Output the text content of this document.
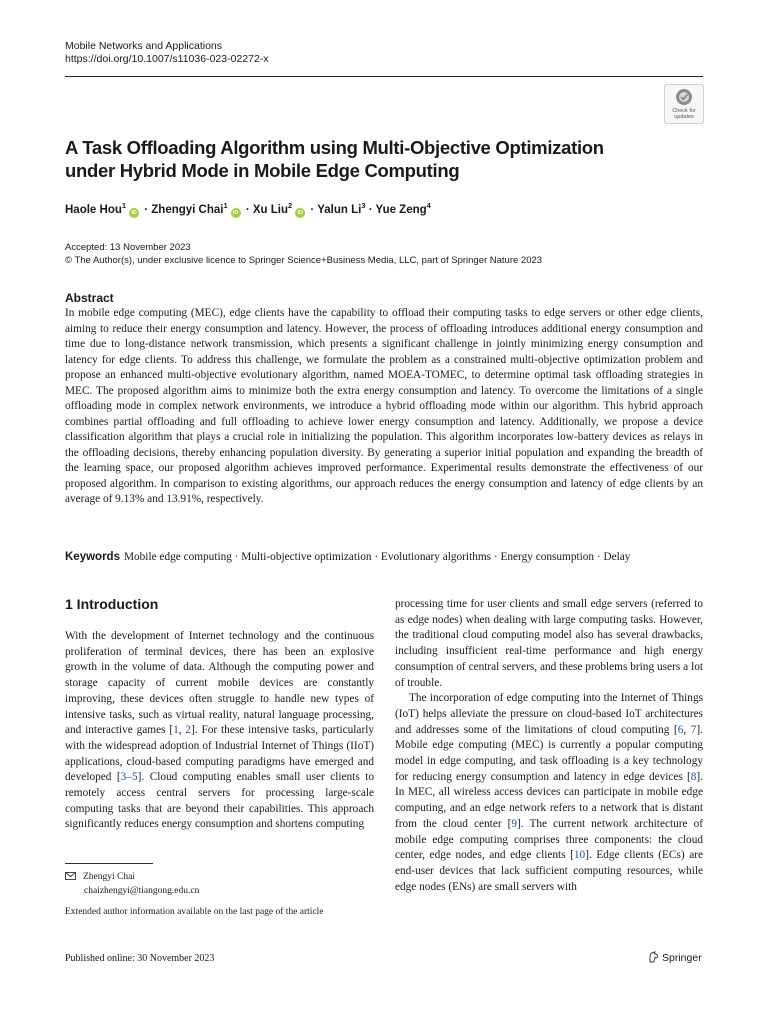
Mobile Networks and Applications
https://doi.org/10.1007/s11036-023-02272-x
Check for updates
A Task Offloading Algorithm using Multi-Objective Optimization under Hybrid Mode in Mobile Edge Computing
Haole Hou$^1$iD · Zhengyi Chai$^1$iD · Xu Liu$^2$iD · Yalun $Li^3$ · Yue Zeng$^4$
Accepted: 13 November 2023
© The Author(s), under exclusive licence to Springer Science+Business Media, LLC, part of Springer Nature 2023
Abstract
In mobile edge computing (MEC), edge clients have the capability to offload their computing tasks to edge servers or other edge clients, aiming to reduce their energy consumption and latency. However, the process of offloading introduces additional energy consumption and time due to long-distance network transmission, which presents a significant challenge in jointly minimizing energy consumption and latency for edge clients. To address this challenge, we formulate the problem as a constrained multi-objective optimization problem and propose an enhanced multi-objective evolutionary algorithm, named MOEA-TOMEC, to determine optimal task offloading strategies in MEC. The proposed algorithm aims to minimize both the extra energy consumption and latency. To overcome the limitations of a single offloading mode in complex network environments, we introduce a hybrid offloading mode within our algorithm. This hybrid approach combines partial offloading and full offloading to achieve lower energy consumption and latency. Additionally, we propose a device classification algorithm that plays a crucial role in initializing the population. This algorithm incorporates low-battery devices as relays in the offloading decisions, thereby enhancing population diversity. By generating a superior initial population and expanding the breadth of the learning space, our proposed algorithm achieves improved performance. Experimental results demonstrate the effectiveness of our proposed algorithm. In comparison to existing algorithms, our approach reduces the energy consumption and latency of edge clients by an average of 9.13% and 13.91%, respectively.
Keywords Mobile edge computing · Multi-objective optimization · Evolutionary algorithms · Energy consumption · Delay
1 Introduction

With the development of Internet technology and the continuous proliferation of terminal devices, there has been an explosive growth in the volume of data. Although the computing power and storage capacity of current mobile devices are constantly improving, these devices often struggle to handle new types of intensive tasks, such as virtual reality, natural language processing, and interactive games [1, 2]. For these intensive tasks, particularly with the widespread adoption of Industrial Internet of Things (IIoT) applications, cloud-based computing paradigms have emerged and developed [3–5]. Cloud computing enables small user clients to remotely access central servers for processing large-scale computing tasks that are beyond their capabilities. This approach significantly reduces energy consumption and shortens computing

processing time for user clients and small edge servers (referred to as edge nodes) when dealing with large computing tasks. However, the traditional cloud computing model also has several drawbacks, including insufficient real-time performance and high energy consumption of central servers, and these problems bring users a lot of trouble.

The incorporation of edge computing into the Internet of Things (IoT) helps alleviate the pressure on cloud-based IoT architectures and addresses some of the limitations of cloud computing [6, 7]. Mobile edge computing (MEC) is currently a popular computing model in edge computing, and task offloading is a key technology for reducing energy consumption and latency in edge devices [8]. In MEC, all wireless access devices can participate in mobile edge computing, and an edge network refers to a network that is distant from the cloud center [9]. The current network architecture of mobile edge computing comprises three components: the cloud center, edge nodes, and edge clients [10]. Edge clients (ECs) are end-user devices that lack sufficient computing resources, while edge nodes (ENs) are small servers with

Zhengyi Chai
chaizhengyi@tiangong.edu.cn
Extended author information available on the last page of the article
Published online: 30 November 2023	Springer
